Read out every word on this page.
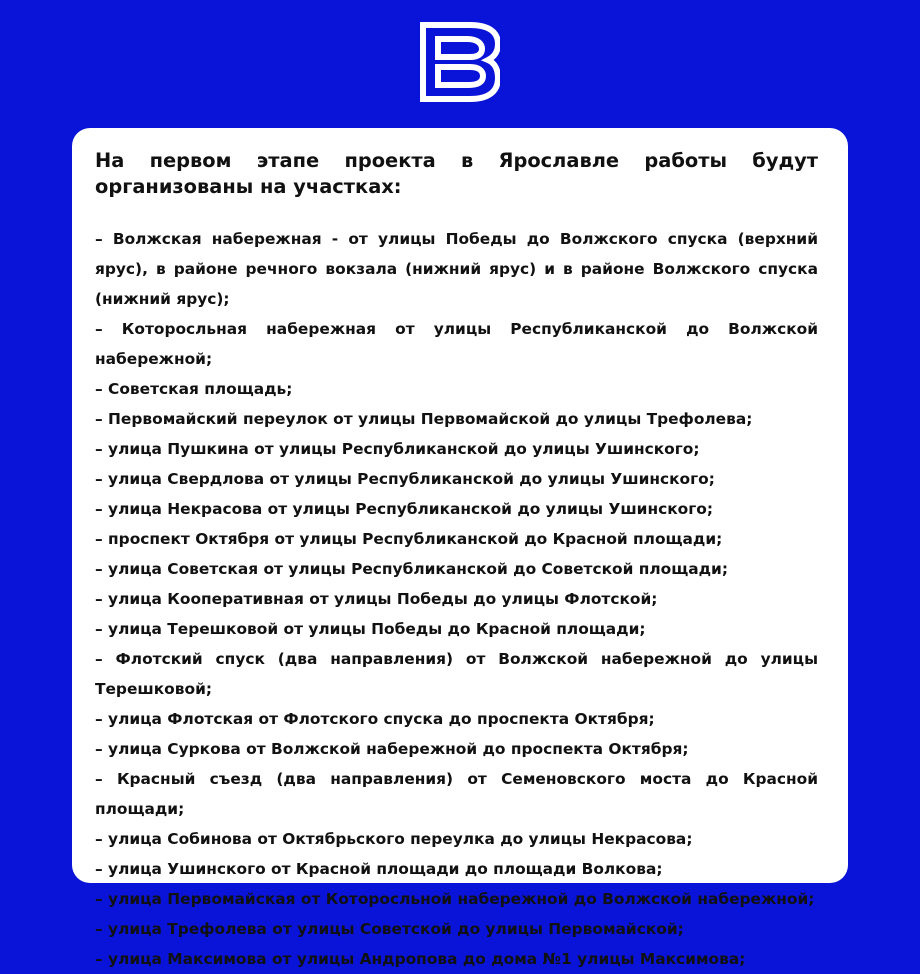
На первом этапе проекта в Ярославле работы будут организованы на участках:
– Волжская набережная - от улицы Победы до Волжского спуска (верхний ярус), в районе речного вокзала (нижний ярус) и в районе Волжского спуска (нижний ярус);
– Которосльная набережная от улицы Республиканской до Волжской набережной;
– Советская площадь;
– Первомайский переулок от улицы Первомайской до улицы Трефолева;
– улица Пушкина от улицы Республиканской до улицы Ушинского;
– улица Свердлова от улицы Республиканской до улицы Ушинского;
– улица Некрасова от улицы Республиканской до улицы Ушинского;
– проспект Октября от улицы Республиканской до Красной площади;
– улица Советская от улицы Республиканской до Советской площади;
– улица Кооперативная от улицы Победы до улицы Флотской;
– улица Терешковой от улицы Победы до Красной площади;
– Флотский спуск (два направления) от Волжской набережной до улицы Терешковой;
– улица Флотская от Флотского спуска до проспекта Октября;
– улица Суркова от Волжской набережной до проспекта Октября;
– Красный съезд (два направления) от Семеновского моста до Красной площади;
– улица Собинова от Октябрьского переулка до улицы Некрасова;
– улица Ушинского от Красной площади до площади Волкова;
– улица Первомайская от Которосльной набережной до Волжской набережной;
– улица Трефолева от улицы Советской до улицы Первомайской;
– улица Максимова от улицы Андропова до дома №1 улицы Максимова;
